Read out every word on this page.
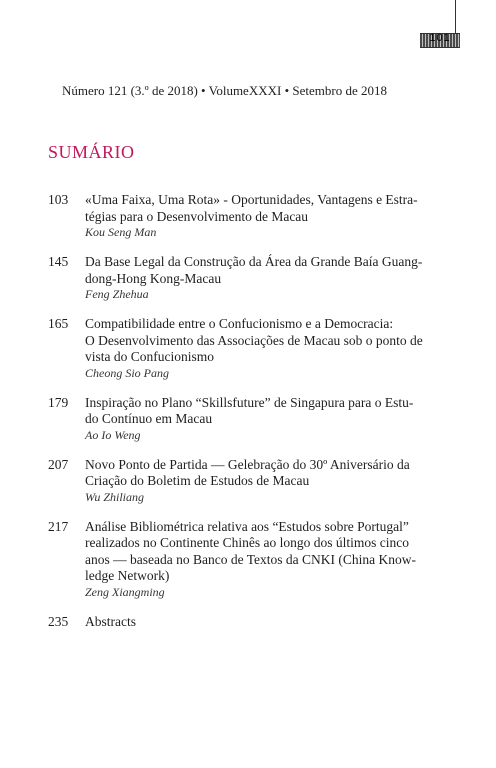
101
Número 121 (3.º de 2018) • VolumeXXXI • Setembro de 2018
SUMÁRIO
103	«Uma Faixa, Uma Rota» - Oportunidades, Vantagens e Estra-
tégias para o Desenvolvimento de Macau
Kou Seng Man
145	Da Base Legal da Construção da Área da Grande Baía Guang-
dong-Hong Kong-Macau
Feng Zhehua
165	Compatibilidade entre o Confucionismo e a Democracia:
O Desenvolvimento das Associações de Macau sob o ponto de
vista do Confucionismo
Cheong Sio Pang
179	Inspiração no Plano “Skillsfuture” de Singapura para o Estu-
do Contínuo em Macau
Ao Io Weng
207	Novo Ponto de Partida — Gelebração do 30º Aniversário da
Criação do Boletim de Estudos de Macau
Wu Zhiliang
217	Análise Bibliométrica relativa aos “Estudos sobre Portugal”
realizados no Continente Chinês ao longo dos últimos cinco
anos — baseada no Banco de Textos da CNKI (China Know-
ledge Network)
Zeng Xiangming
235	Abstracts
